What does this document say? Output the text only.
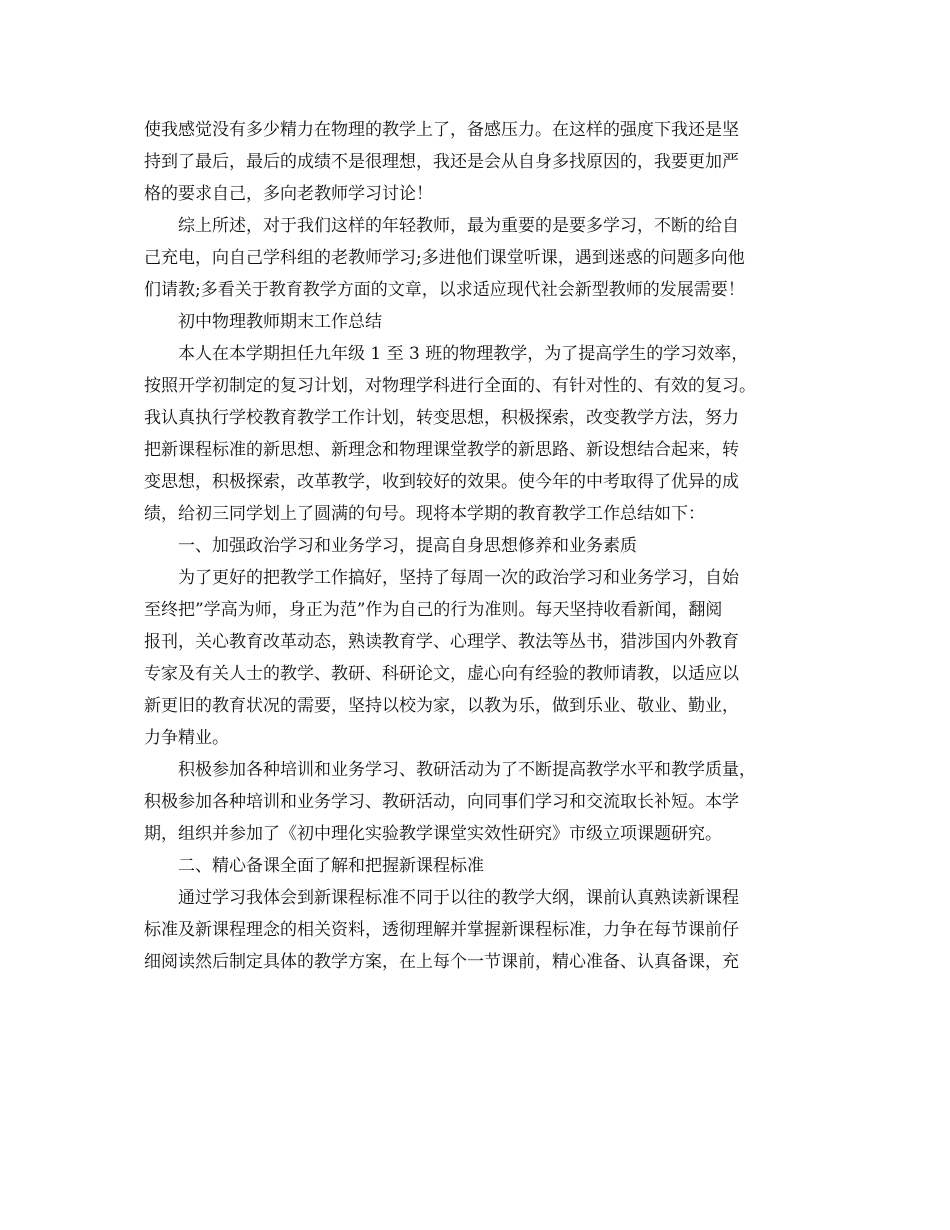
使我感觉没有多少精力在物理的教学上了，备感压力。在这样的强度下我还是坚
持到了最后，最后的成绩不是很理想，我还是会从自身多找原因的，我要更加严
格的要求自己，多向老教师学习讨论！
综上所述，对于我们这样的年轻教师，最为重要的是要多学习，不断的给自
己充电，向自己学科组的老教师学习;多进他们课堂听课，遇到迷惑的问题多向他
们请教;多看关于教育教学方面的文章，以求适应现代社会新型教师的发展需要！
初中物理教师期末工作总结
本人在本学期担任九年级 1 至 3 班的物理教学，为了提高学生的学习效率，
按照开学初制定的复习计划，对物理学科进行全面的、有针对性的、有效的复习。
我认真执行学校教育教学工作计划，转变思想，积极探索，改变教学方法，努力
把新课程标准的新思想、新理念和物理课堂教学的新思路、新设想结合起来，转
变思想，积极探索，改革教学，收到较好的效果。使今年的中考取得了优异的成
绩，给初三同学划上了圆满的句号。现将本学期的教育教学工作总结如下：
一、加强政治学习和业务学习，提高自身思想修养和业务素质
为了更好的把教学工作搞好，坚持了每周一次的政治学习和业务学习，自始
至终把”学高为师，身正为范”作为自己的行为准则。每天坚持收看新闻，翻阅
报刊，关心教育改革动态，熟读教育学、心理学、教法等丛书，猎涉国内外教育
专家及有关人士的教学、教研、科研论文，虚心向有经验的教师请教，以适应以
新更旧的教育状况的需要，坚持以校为家，以教为乐，做到乐业、敬业、勤业，
力争精业。
积极参加各种培训和业务学习、教研活动为了不断提高教学水平和教学质量，
积极参加各种培训和业务学习、教研活动，向同事们学习和交流取长补短。本学
期，组织并参加了《初中理化实验教学课堂实效性研究》市级立项课题研究。
二、精心备课全面了解和把握新课程标准
通过学习我体会到新课程标准不同于以往的教学大纲，课前认真熟读新课程
标准及新课程理念的相关资料，透彻理解并掌握新课程标准，力争在每节课前仔
细阅读然后制定具体的教学方案，在上每个一节课前，精心准备、认真备课，充
